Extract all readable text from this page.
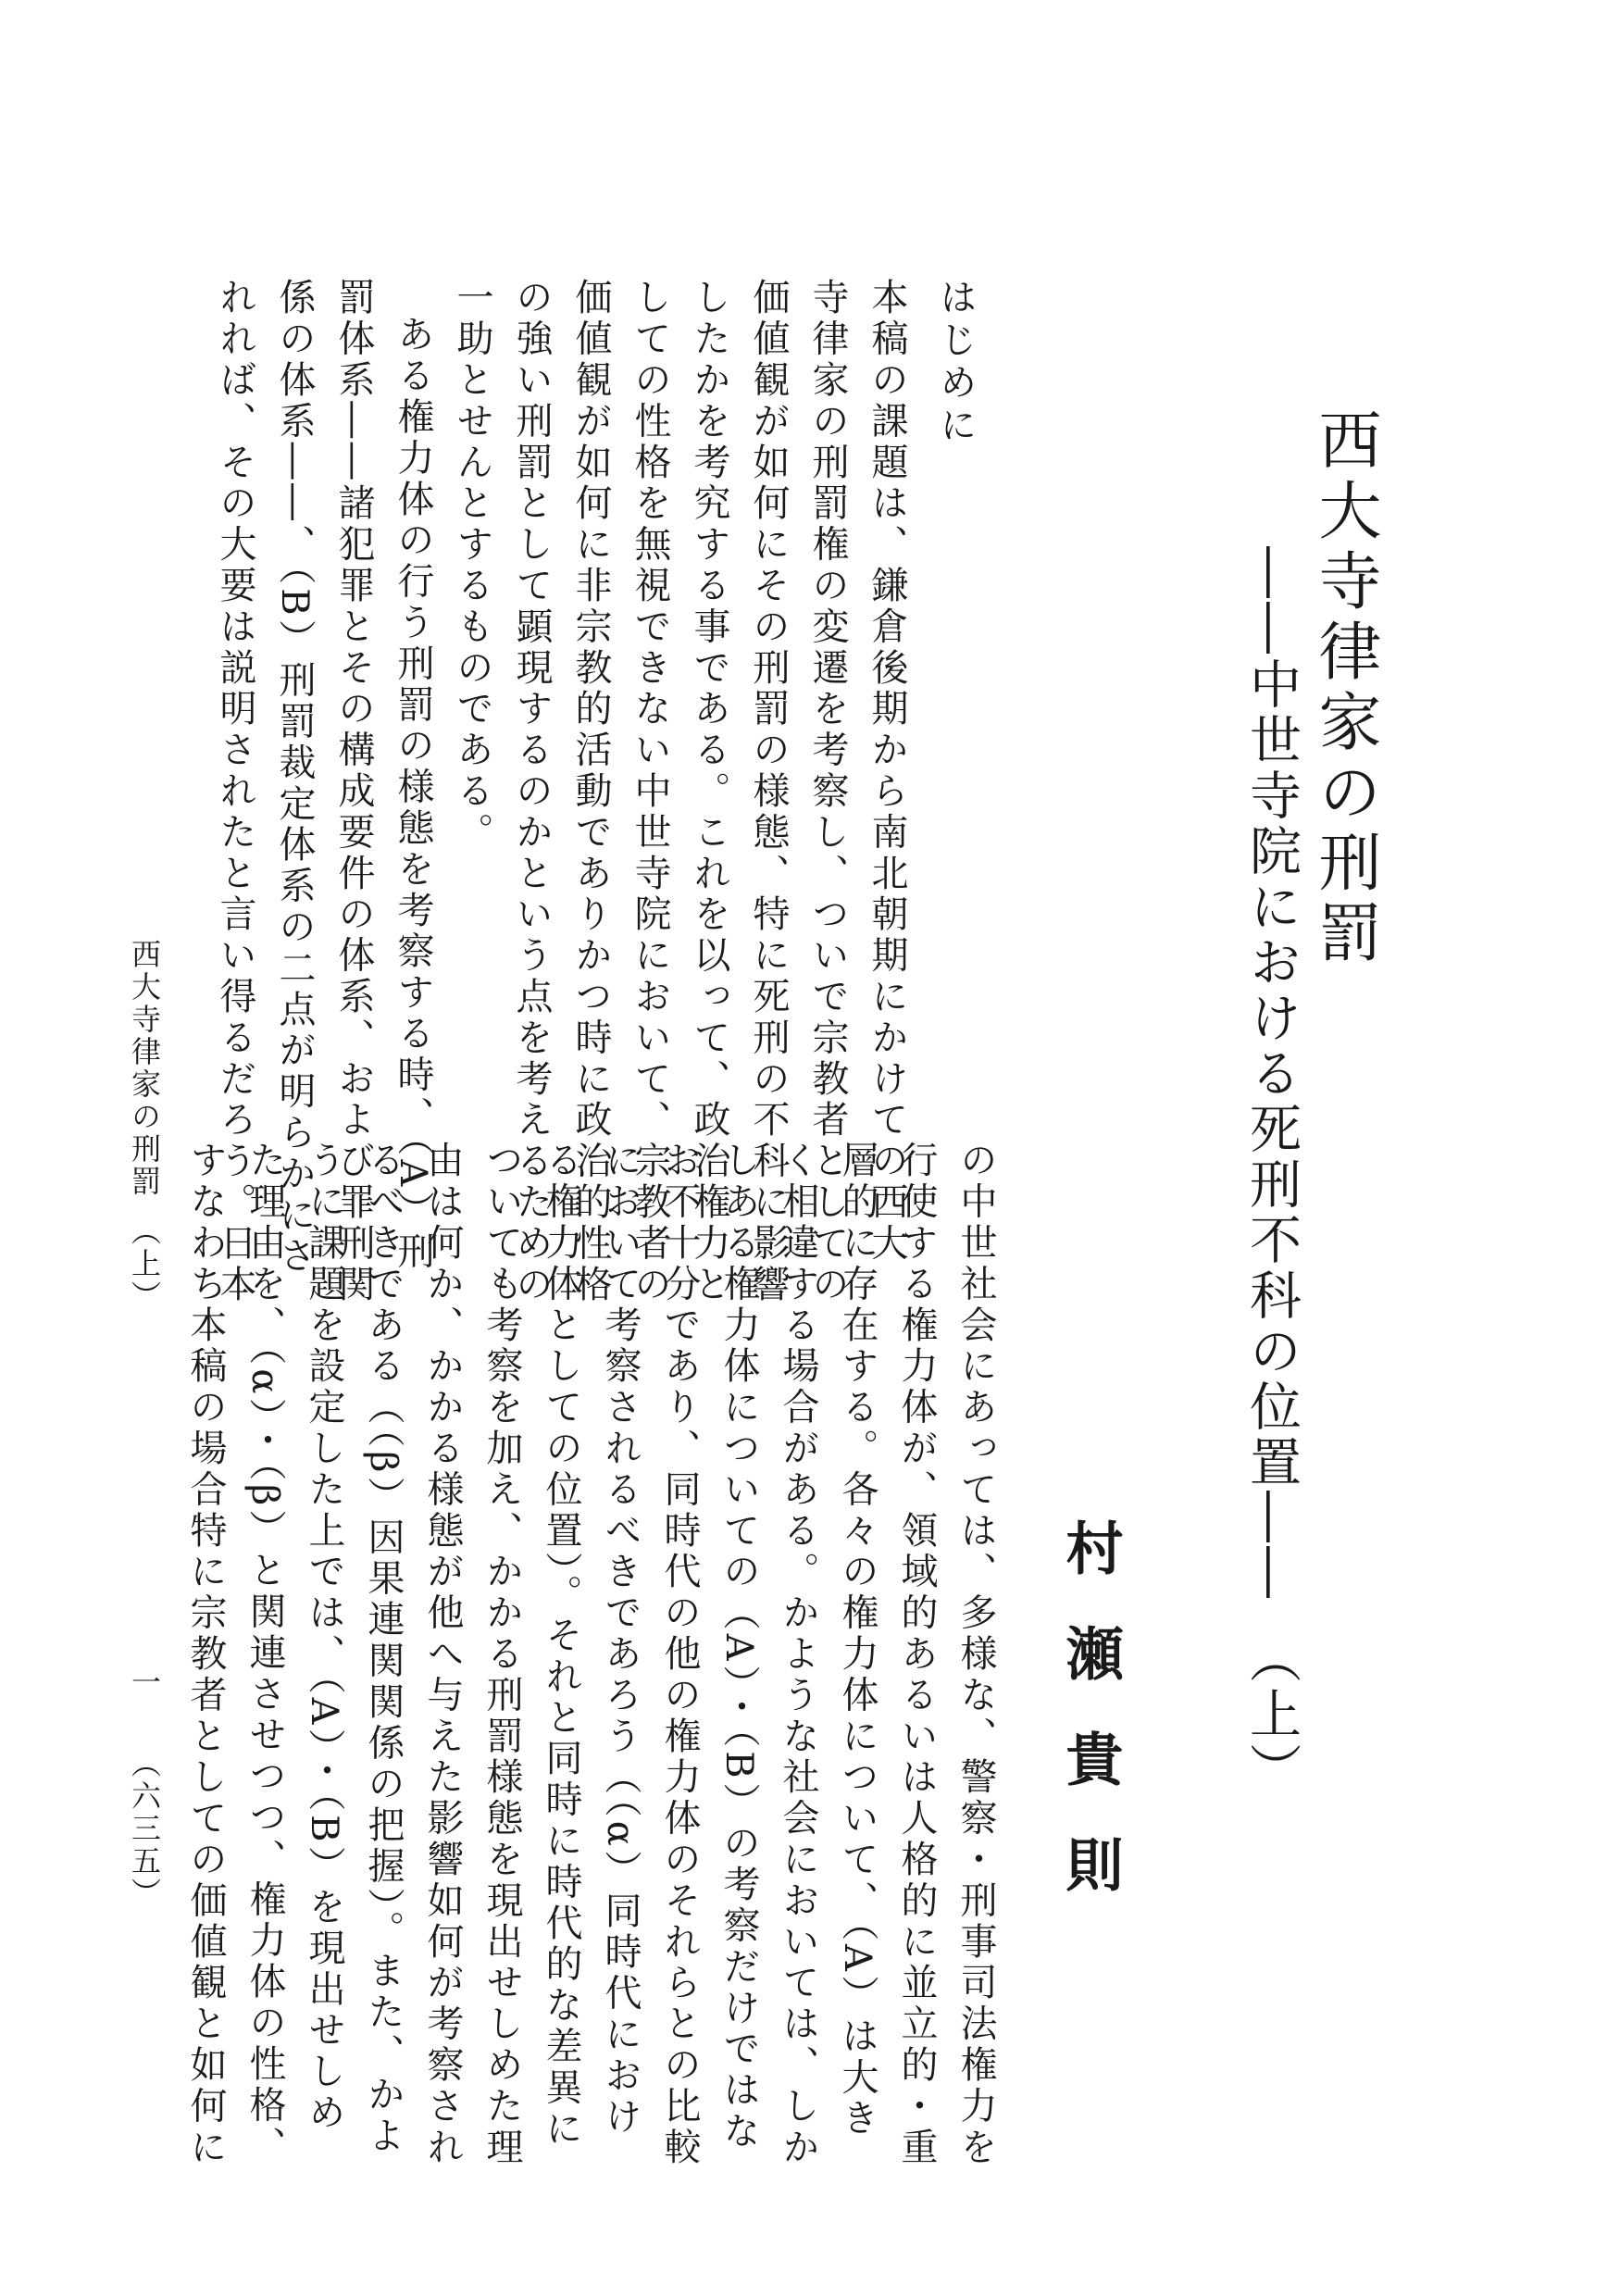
西大寺律家の刑罰
――中世寺院における死刑不科の位置――　（上）
村瀬貴則
はじめに
本稿の課題は、鎌倉後期から南北朝期にかけての西大
寺律家の刑罰権の変遷を考察し、ついで宗教者としての
価値観が如何にその刑罰の様態、特に死刑の不科に影響
したかを考究する事である。これを以って、政治権力と
しての性格を無視できない中世寺院において、宗教者の
価値観が如何に非宗教的活動でありかつ時に政治的性格
の強い刑罰として顕現するのかという点を考えるための
一助とせんとするものである。
ある権力体の行う刑罰の様態を考察する時、（A）刑
罰体系――諸犯罪とその構成要件の体系、および罪刑関
係の体系――、（B）刑罰裁定体系の二点が明らかにさ
れれば、その大要は説明されたと言い得るだろう。日本
の中世社会にあっては、多様な、警察・刑事司法権力を
行使する権力体が、領域的あるいは人格的に並立的・重
層的に存在する。各々の権力体について、（A）は大き
く相違する場合がある。かような社会においては、しか
しある権力体についての（A）・（B）の考察だけではな
お不十分であり、同時代の他の権力体のそれらとの比較
において考察されるべきであろう（（α）同時代におけ
る権力体としての位置）。それと同時に時代的な差異に
ついても考察を加え、かかる刑罰様態を現出せしめた理
由は何か、かかる様態が他へ与えた影響如何が考察され
るべきである（（β）因果連関関係の把握）。また、かよ
うに課題を設定した上では、（A）・（B）を現出せしめ
た理由を、（α）・（β）と関連させつつ、権力体の性格、
すなわち本稿の場合特に宗教者としての価値観と如何に
西大寺律家の刑罰　（上）
一 （六三五）
